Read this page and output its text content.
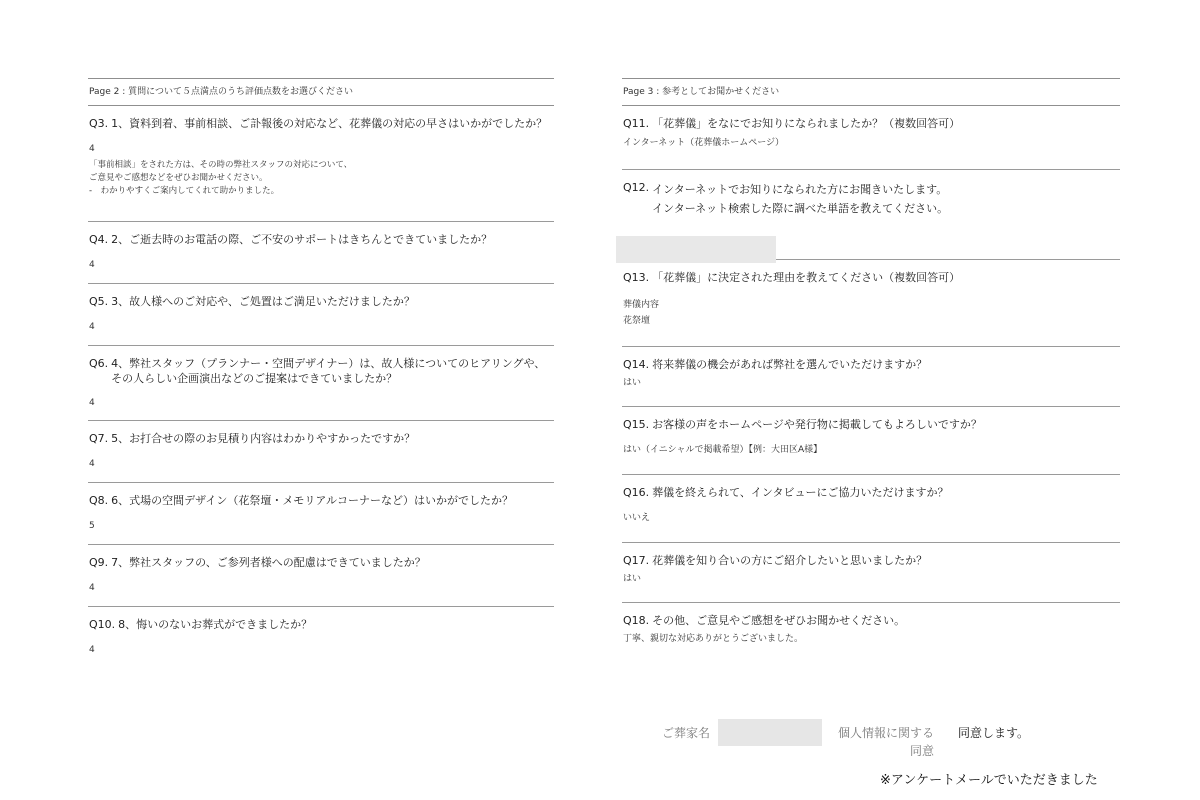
Page 2 : 質問について５点満点のうち評価点数をお選びください
Q3. 1、資料到着、事前相談、ご訃報後の対応など、花葬儀の対応の早さはいかがでしたか？
4
「事前相談」をされた方は、その時の弊社スタッフの対応について、
ご意見やご感想などをぜひお聞かせください。
-　わかりやすくご案内してくれて助かりました。
Q4. 2、ご逝去時のお電話の際、ご不安のサポートはきちんとできていましたか？
4
Q5. 3、故人様へのご対応や、ご処置はご満足いただけましたか？
4
Q6. 4、弊社スタッフ（プランナー・空間デザイナー）は、故人様についてのヒアリングや、
その人らしい企画演出などのご提案はできていましたか？
4
Q7. 5、お打合せの際のお見積り内容はわかりやすかったですか？
4
Q8. 6、式場の空間デザイン（花祭壇・メモリアルコーナーなど）はいかがでしたか？
5
Q9. 7、弊社スタッフの、ご参列者様への配慮はできていましたか？
4
Q10. 8、悔いのないお葬式ができましたか？
4
Page 3 : 参考としてお聞かせください
Q11. 「花葬儀」をなにでお知りになられましたか？（複数回答可）
インターネット（花葬儀ホームページ）
Q12. インターネットでお知りになられた方にお聞きいたします。
インターネット検索した際に調べた単語を教えてください。
Q13. 「花葬儀」に決定された理由を教えてください（複数回答可）
葬儀内容
花祭壇
Q14. 将来葬儀の機会があれば弊社を選んでいただけますか？
はい
Q15. お客様の声をホームページや発行物に掲載してもよろしいですか？
はい（イニシャルで掲載希望）【例：大田区A様】
Q16. 葬儀を終えられて、インタビューにご協力いただけますか？
いいえ
Q17. 花葬儀を知り合いの方にご紹介したいと思いましたか？
はい
Q18. その他、ご意見やご感想をぜひお聞かせください。
丁寧、親切な対応ありがとうございました。
ご葬家名	個人情報に関する
同意
同意します。
※アンケートメールでいただきました
